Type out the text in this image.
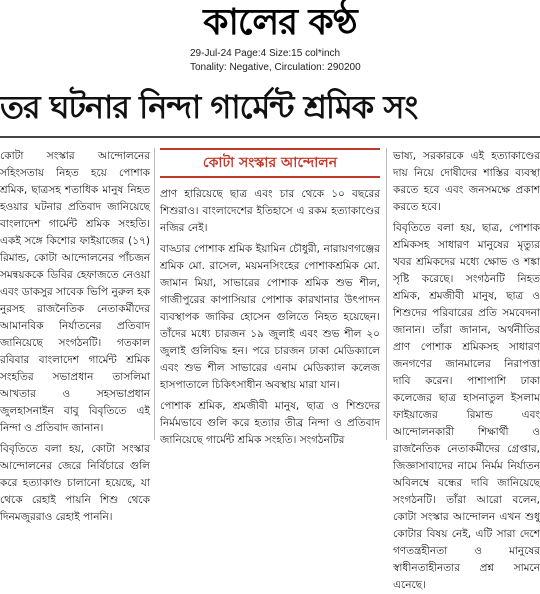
কালের কণ্ঠ
29-Jul-24 Page:4 Size:15 col*inch
Tonality: Negative, Circulation: 290200
তর ঘটনার নিন্দা গার্মেন্ট শ্রমিক সং

কোটা সংস্কার আন্দোলনের সহিংসতায় নিহত হয়ে পোশাক শ্রমিক, ছাত্রসহ শতাধিক মানুষ নিহত হওয়ার ঘটনার প্রতিবাদ জানিয়েছে বাংলাদেশ গার্মেন্ট শ্রমিক সংহতি। একই সঙ্গে কিশোর ফাইয়াজের (১৭) রিমান্ড, কোটা আন্দোলনের পাঁচজন সমন্বয়ককে ডিবির হেফাজতে নেওয়া এবং ডাকসুর সাবেক ভিপি নুরুল হক নুরসহ রাজনৈতিক নেতাকর্মীদের আমানবিক নির্যাতনের প্রতিবাদ জানিয়েছে সংগঠনটি। গতকাল রবিবার বাংলাদেশ গার্মেন্ট শ্রমিক সংহতির সভাপ্রধান তাসলিমা আখতার ও সহসভাপ্রধান জুলহাসনাইন বাবু বিবৃতিতে এই নিন্দা ও প্রতিবাদ জানান।

বিবৃতিতে বলা হয়, কোটা সংস্কার আন্দোলনের জেরে নির্বিচারে গুলি করে হত্যাকাণ্ড চালানো হয়েছে, যা থেকে রেহাই পায়নি শিশু থেকে দিনমজুররাও রেহাই পাননি।

কোটা সংস্কার আন্দোলন

প্রাণ হারিয়েছে ছাত্র এবং চার থেকে ১০ বছরের শিশুরাও। বাংলাদেশের ইতিহাসে এ রকম হত্যাকাণ্ডের নজির নেই।

বাড্ডার পোশাক শ্রমিক ইয়ামিন চৌধুরী, নারায়ণগঞ্জের শ্রমিক মো. রাসেল, ময়মনসিংহের পোশাকশ্রমিক মো. জামান মিয়া, সাভারের পোশাক শ্রমিক শুভ শীল, গাজীপুরের কাপাসিয়ার পোশাক কারখানার উৎপাদন ব্যবস্থাপক জাকির হোসেন গুলিতে নিহত হয়েছেন। তাঁদের মধ্যে চারজন ১৯ জুলাই এবং শুভ শীল ২০ জুলাই গুলিবিদ্ধ হন। পরে চারজন ঢাকা মেডিক্যালে এবং শুভ শীল সাভারের এনাম মেডিক্যাল কলেজ হাসপাতালে চিকিৎসাধীন অবস্থায় মারা যান।

পোশাক শ্রমিক, শ্রমজীবী মানুষ, ছাত্র ও শিশুদের নির্মমভাবে গুলি করে হত্যার তীব্র নিন্দা ও প্রতিবাদ জানিয়েছে গার্মেন্ট শ্রমিক সংহতি। সংগঠনটির

ভাষ্য, সরকারকে এই হত্যাকাণ্ডের দায় নিয়ে দোষীদের শাস্তির ব্যবস্থা করতে হবে এবং জনসমক্ষে প্রকাশ করতে হবে।

বিবৃতিতে বলা হয়, ছাত্র, পোশাক শ্রমিকসহ সাধারণ মানুষের মৃত্যুর খবর শ্রমিকদের মধ্যে ক্ষোভ ও শঙ্কা সৃষ্টি করেছে। সংগঠনটি নিহত শ্রমিক, শ্রমজীবী মানুষ, ছাত্র ও শিশুদের পরিবারের প্রতি সমবেদনা জানান। তাঁরা জানান, অর্থনীতির প্রাণ পোশাক শ্রমিকসহ সাধারণ জনগণের জানমালের নিরাপত্তা দাবি করেন। পাশাপাশি ঢাকা কলেজের ছাত্র হাসনাতুল ইসলাম ফাইয়াজের রিমান্ড এবং আন্দোলনকারী শিক্ষার্থী ও রাজনৈতিক নেতাকর্মীদের গ্রেপ্তার, জিজ্ঞাসাবাদের নামে নির্মম নির্যাতন অবিলম্বে বন্ধের দাবি জানিয়েছে সংগঠনটি। তাঁরা আরো বলেন, কোটা সংস্কার আন্দোলন এখন শুধু কোটার বিষয় নেই, এটি সারা দেশে গণতন্ত্রহীনতা ও মানুষের স্বাধীনতাহীনতার প্রশ্ন সামনে এনেছে।
